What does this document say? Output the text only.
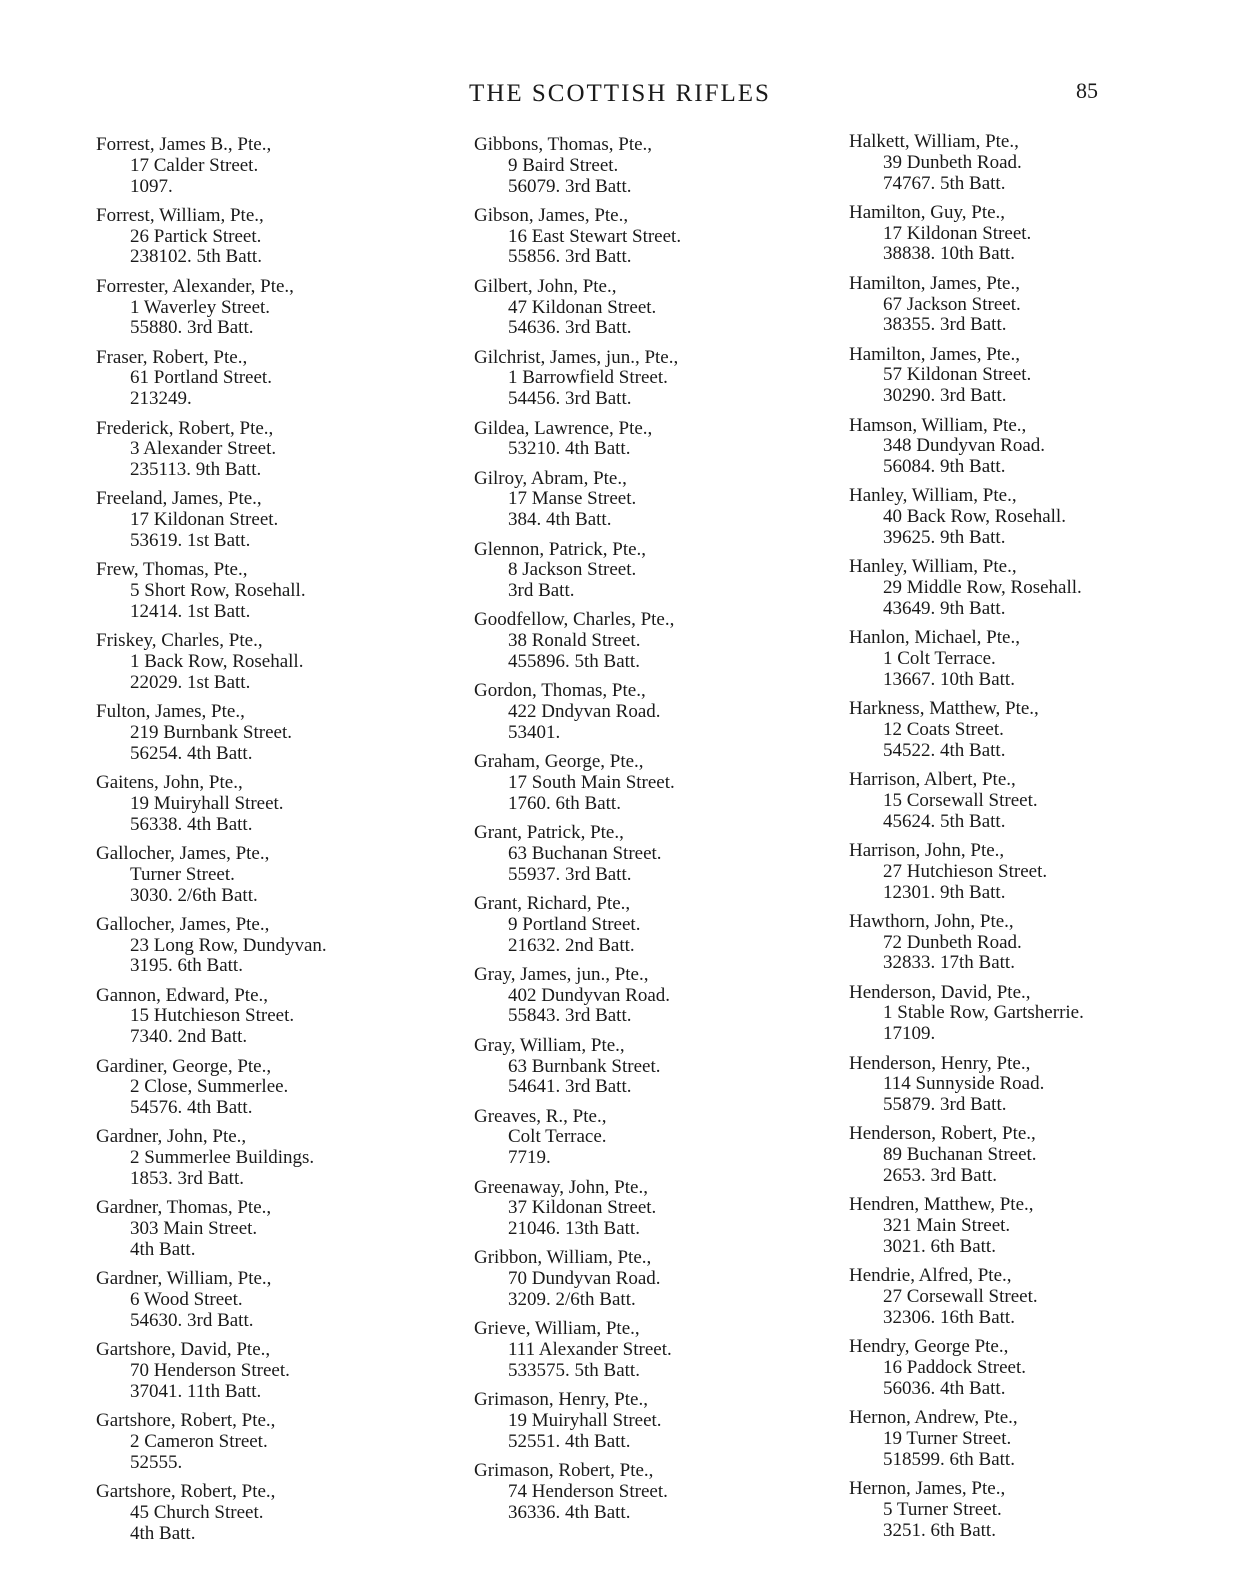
THE SCOTTISH RIFLES	85
Forrest, James B., Pte.,
17 Calder Street.
1097.
Forrest, William, Pte.,
26 Partick Street.
238102. 5th Batt.
Forrester, Alexander, Pte.,
1 Waverley Street.
55880. 3rd Batt.
Fraser, Robert, Pte.,
61 Portland Street.
213249.
Frederick, Robert, Pte.,
3 Alexander Street.
235113. 9th Batt.
Freeland, James, Pte.,
17 Kildonan Street.
53619. 1st Batt.
Frew, Thomas, Pte.,
5 Short Row, Rosehall.
12414. 1st Batt.
Friskey, Charles, Pte.,
1 Back Row, Rosehall.
22029. 1st Batt.
Fulton, James, Pte.,
219 Burnbank Street.
56254. 4th Batt.
Gaitens, John, Pte.,
19 Muiryhall Street.
56338. 4th Batt.
Gallocher, James, Pte.,
Turner Street.
3030. 2/6th Batt.
Gallocher, James, Pte.,
23 Long Row, Dundyvan.
3195. 6th Batt.
Gannon, Edward, Pte.,
15 Hutchieson Street.
7340. 2nd Batt.
Gardiner, George, Pte.,
2 Close, Summerlee.
54576. 4th Batt.
Gardner, John, Pte.,
2 Summerlee Buildings.
1853. 3rd Batt.
Gardner, Thomas, Pte.,
303 Main Street.
4th Batt.
Gardner, William, Pte.,
6 Wood Street.
54630. 3rd Batt.
Gartshore, David, Pte.,
70 Henderson Street.
37041. 11th Batt.
Gartshore, Robert, Pte.,
2 Cameron Street.
52555.
Gartshore, Robert, Pte.,
45 Church Street.
4th Batt.
Gibbons, Thomas, Pte.,
9 Baird Street.
56079. 3rd Batt.
Gibson, James, Pte.,
16 East Stewart Street.
55856. 3rd Batt.
Gilbert, John, Pte.,
47 Kildonan Street.
54636. 3rd Batt.
Gilchrist, James, jun., Pte.,
1 Barrowfield Street.
54456. 3rd Batt.
Gildea, Lawrence, Pte.,
53210. 4th Batt.
Gilroy, Abram, Pte.,
17 Manse Street.
384. 4th Batt.
Glennon, Patrick, Pte.,
8 Jackson Street.
3rd Batt.
Goodfellow, Charles, Pte.,
38 Ronald Street.
455896. 5th Batt.
Gordon, Thomas, Pte.,
422 Dndyvan Road.
53401.
Graham, George, Pte.,
17 South Main Street.
1760. 6th Batt.
Grant, Patrick, Pte.,
63 Buchanan Street.
55937. 3rd Batt.
Grant, Richard, Pte.,
9 Portland Street.
21632. 2nd Batt.
Gray, James, jun., Pte.,
402 Dundyvan Road.
55843. 3rd Batt.
Gray, William, Pte.,
63 Burnbank Street.
54641. 3rd Batt.
Greaves, R., Pte.,
Colt Terrace.
7719.
Greenaway, John, Pte.,
37 Kildonan Street.
21046. 13th Batt.
Gribbon, William, Pte.,
70 Dundyvan Road.
3209. 2/6th Batt.
Grieve, William, Pte.,
111 Alexander Street.
533575. 5th Batt.
Grimason, Henry, Pte.,
19 Muiryhall Street.
52551. 4th Batt.
Grimason, Robert, Pte.,
74 Henderson Street.
36336. 4th Batt.
Halkett, William, Pte.,
39 Dunbeth Road.
74767. 5th Batt.
Hamilton, Guy, Pte.,
17 Kildonan Street.
38838. 10th Batt.
Hamilton, James, Pte.,
67 Jackson Street.
38355. 3rd Batt.
Hamilton, James, Pte.,
57 Kildonan Street.
30290. 3rd Batt.
Hamson, William, Pte.,
348 Dundyvan Road.
56084. 9th Batt.
Hanley, William, Pte.,
40 Back Row, Rosehall.
39625. 9th Batt.
Hanley, William, Pte.,
29 Middle Row, Rosehall.
43649. 9th Batt.
Hanlon, Michael, Pte.,
1 Colt Terrace.
13667. 10th Batt.
Harkness, Matthew, Pte.,
12 Coats Street.
54522. 4th Batt.
Harrison, Albert, Pte.,
15 Corsewall Street.
45624. 5th Batt.
Harrison, John, Pte.,
27 Hutchieson Street.
12301. 9th Batt.
Hawthorn, John, Pte.,
72 Dunbeth Road.
32833. 17th Batt.
Henderson, David, Pte.,
1 Stable Row, Gartsherrie.
17109.
Henderson, Henry, Pte.,
114 Sunnyside Road.
55879. 3rd Batt.
Henderson, Robert, Pte.,
89 Buchanan Street.
2653. 3rd Batt.
Hendren, Matthew, Pte.,
321 Main Street.
3021. 6th Batt.
Hendrie, Alfred, Pte.,
27 Corsewall Street.
32306. 16th Batt.
Hendry, George Pte.,
16 Paddock Street.
56036. 4th Batt.
Hernon, Andrew, Pte.,
19 Turner Street.
518599. 6th Batt.
Hernon, James, Pte.,
5 Turner Street.
3251. 6th Batt.
